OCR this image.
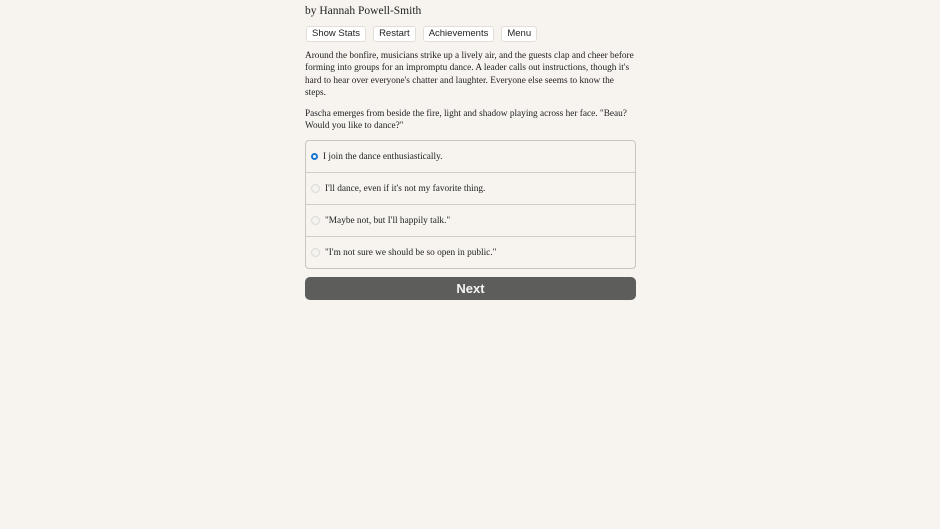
by Hannah Powell-Smith
Show Stats	Restart	Achievements	Menu

Around the bonfire, musicians strike up a lively air, and the guests clap and cheer before forming into groups for an impromptu dance. A leader calls out instructions, though it's hard to hear over everyone's chatter and laughter. Everyone else seems to know the steps.

Pascha emerges from beside the fire, light and shadow playing across her face. "Beau? Would you like to dance?"

I join the dance enthusiastically.
I'll dance, even if it's not my favorite thing.
"Maybe not, but I'll happily talk."
"I'm not sure we should be so open in public."
Next
